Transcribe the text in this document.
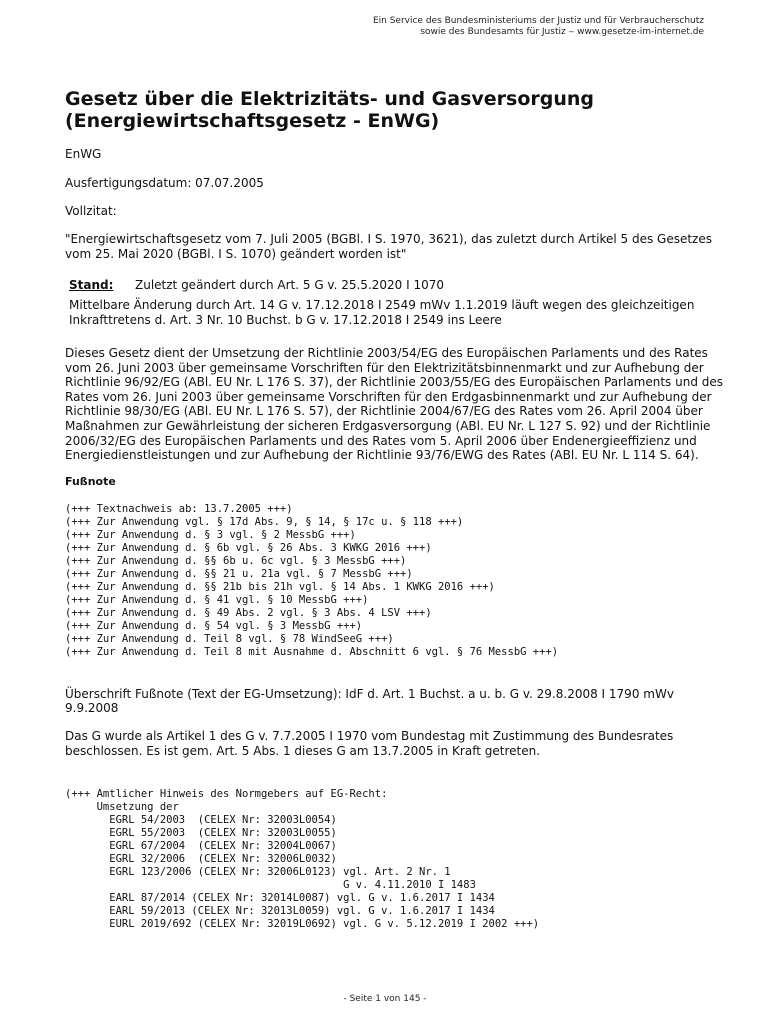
Ein Service des Bundesministeriums der Justiz und für Verbraucherschutz
sowie des Bundesamts für Justiz ‒ www.gesetze-im-internet.de
Gesetz über die Elektrizitäts- und Gasversorgung
(Energiewirtschaftsgesetz - EnWG)
EnWG
Ausfertigungsdatum: 07.07.2005
Vollzitat:
"Energiewirtschaftsgesetz vom 7. Juli 2005 (BGBl. I S. 1970, 3621), das zuletzt durch Artikel 5 des Gesetzes vom 25. Mai 2020 (BGBl. I S. 1070) geändert worden ist"
Stand: Zuletzt geändert durch Art. 5 G v. 25.5.2020 I 1070
Mittelbare Änderung durch Art. 14 G v. 17.12.2018 I 2549 mWv 1.1.2019 läuft wegen des gleichzeitigen Inkrafttretens d. Art. 3 Nr. 10 Buchst. b G v. 17.12.2018 I 2549 ins Leere
Dieses Gesetz dient der Umsetzung der Richtlinie 2003/54/EG des Europäischen Parlaments und des Rates vom 26. Juni 2003 über gemeinsame Vorschriften für den Elektrizitätsbinnenmarkt und zur Aufhebung der Richtlinie 96/92/EG (ABl. EU Nr. L 176 S. 37), der Richtlinie 2003/55/EG des Europäischen Parlaments und des Rates vom 26. Juni 2003 über gemeinsame Vorschriften für den Erdgasbinnenmarkt und zur Aufhebung der Richtlinie 98/30/EG (ABl. EU Nr. L 176 S. 57), der Richtlinie 2004/67/EG des Rates vom 26. April 2004 über Maßnahmen zur Gewährleistung der sicheren Erdgasversorgung (ABl. EU Nr. L 127 S. 92) und der Richtlinie 2006/32/EG des Europäischen Parlaments und des Rates vom 5. April 2006 über Endenergieeffizienz und Energiedienstleistungen und zur Aufhebung der Richtlinie 93/76/EWG des Rates (ABl. EU Nr. L 114 S. 64).
Fußnote
(+++ Textnachweis ab: 13.7.2005 +++)
(+++ Zur Anwendung vgl. § 17d Abs. 9, § 14, § 17c u. § 118 +++)
(+++ Zur Anwendung d. § 3 vgl. § 2 MessbG +++)
(+++ Zur Anwendung d. § 6b vgl. § 26 Abs. 3 KWKG 2016 +++)
(+++ Zur Anwendung d. §§ 6b u. 6c vgl. § 3 MessbG +++)
(+++ Zur Anwendung d. §§ 21 u. 21a vgl. § 7 MessbG +++)
(+++ Zur Anwendung d. §§ 21b bis 21h vgl. § 14 Abs. 1 KWKG 2016 +++)
(+++ Zur Anwendung d. § 41 vgl. § 10 MessbG +++)
(+++ Zur Anwendung d. § 49 Abs. 2 vgl. § 3 Abs. 4 LSV +++)
(+++ Zur Anwendung d. § 54 vgl. § 3 MessbG +++)
(+++ Zur Anwendung d. Teil 8 vgl. § 78 WindSeeG +++)
(+++ Zur Anwendung d. Teil 8 mit Ausnahme d. Abschnitt 6 vgl. § 76 MessbG +++)
Überschrift Fußnote (Text der EG-Umsetzung): IdF d. Art. 1 Buchst. a u. b. G v. 29.8.2008 I 1790 mWv 9.9.2008
Das G wurde als Artikel 1 des G v. 7.7.2005 I 1970 vom Bundestag mit Zustimmung des Bundesrates beschlossen. Es ist gem. Art. 5 Abs. 1 dieses G am 13.7.2005 in Kraft getreten.
(+++ Amtlicher Hinweis des Normgebers auf EG-Recht:
Umsetzung der
EGRL 54/2003  (CELEX Nr: 32003L0054)
EGRL 55/2003  (CELEX Nr: 32003L0055)
EGRL 67/2004  (CELEX Nr: 32004L0067)
EGRL 32/2006  (CELEX Nr: 32006L0032)
EGRL 123/2006 (CELEX Nr: 32006L0123) vgl. Art. 2 Nr. 1
G v. 4.11.2010 I 1483
EARL 87/2014 (CELEX Nr: 32014L0087) vgl. G v. 1.6.2017 I 1434
EARL 59/2013 (CELEX Nr: 32013L0059) vgl. G v. 1.6.2017 I 1434
EURL 2019/692 (CELEX Nr: 32019L0692) vgl. G v. 5.12.2019 I 2002 +++)
- Seite 1 von 145 -
